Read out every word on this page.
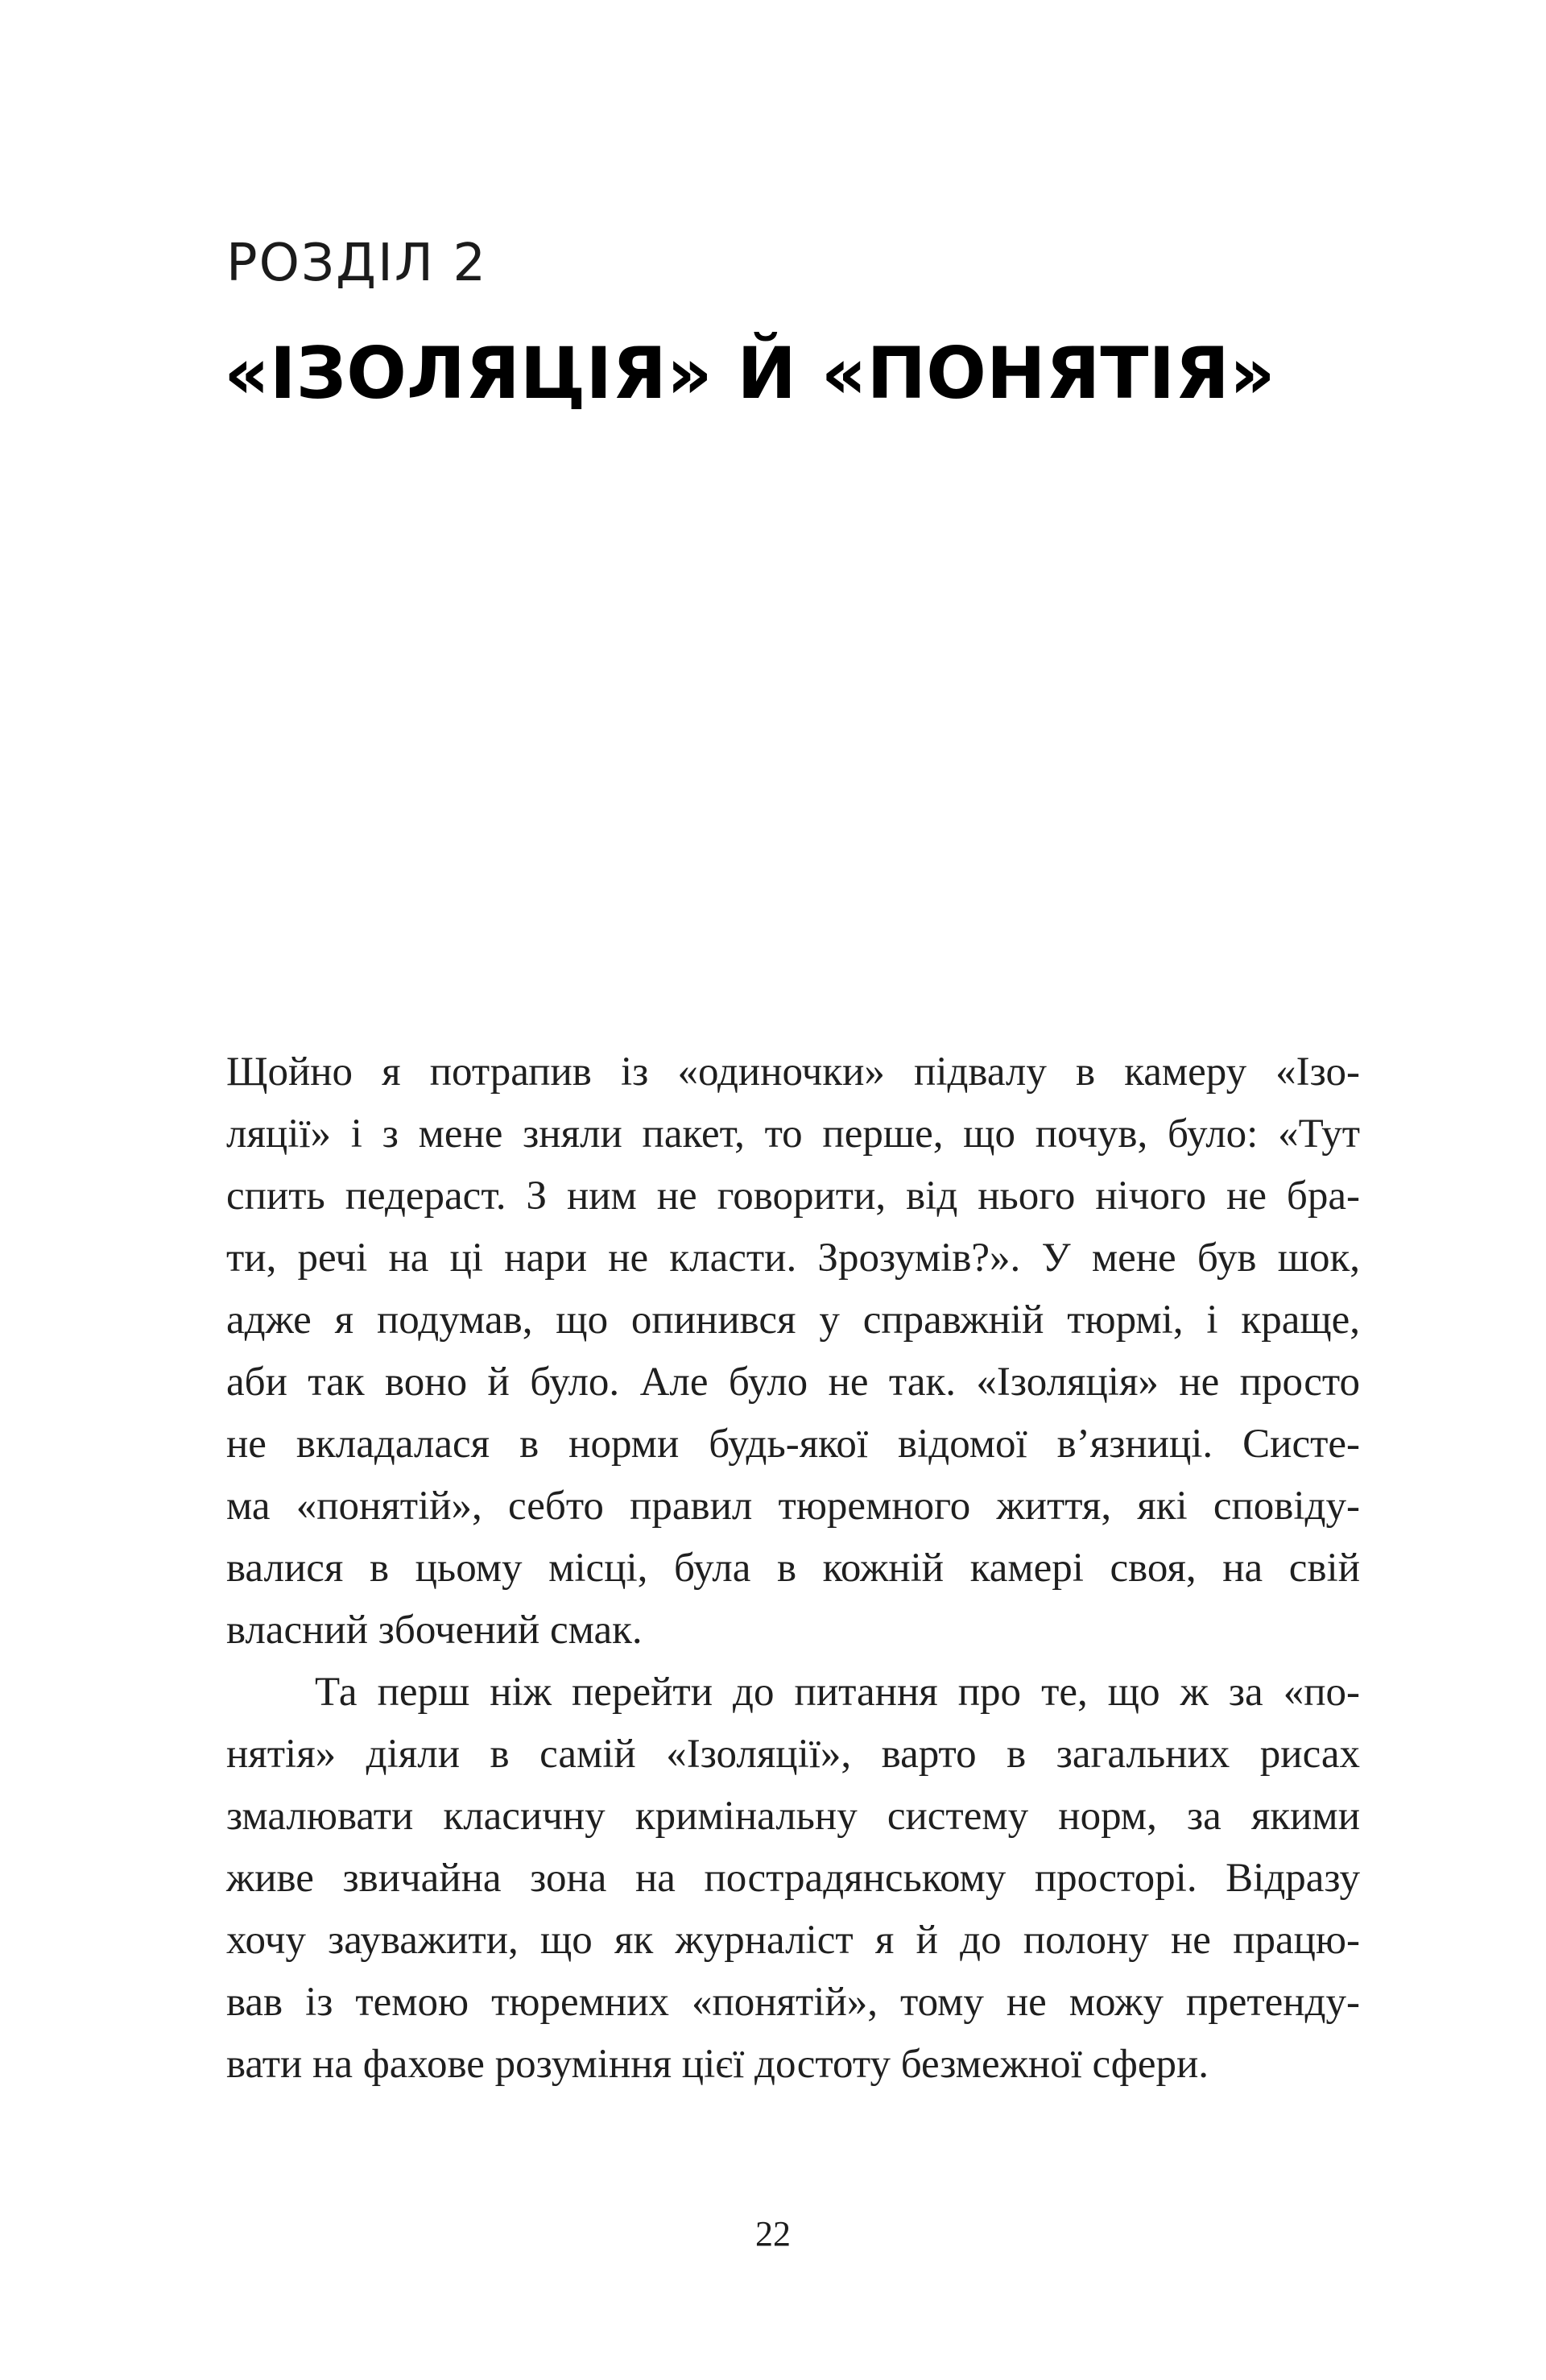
РОЗДІЛ 2
«ІЗОЛЯЦІЯ» Й «ПОНЯТІЯ»
Щойно я потрапив із «одиночки» підвалу в камеру «Ізо-
ляції» і з мене зняли пакет, то перше, що почув, було: «Тут
спить педераст. З ним не говорити, від нього нічого не бра-
ти, речі на ці нари не класти. Зрозумів?». У мене був шок,
адже я подумав, що опинився у справжній тюрмі, і краще,
аби так воно й було. Але було не так. «Ізоляція» не просто
не вкладалася в норми будь-якої відомої в’язниці. Систе-
ма «понятій», себто правил тюремного життя, які сповіду-
валися в цьому місці, була в кожній камері своя, на свій
власний збочений смак.
Та перш ніж перейти до питання про те, що ж за «по-
нятія» діяли в самій «Ізоляції», варто в загальних рисах
змалювати класичну кримінальну систему норм, за якими
живе звичайна зона на пострадянському просторі. Відразу
хочу зауважити, що як журналіст я й до полону не працю-
вав із темою тюремних «понятій», тому не можу претенду-
вати на фахове розуміння цієї достоту безмежної сфери.
22
